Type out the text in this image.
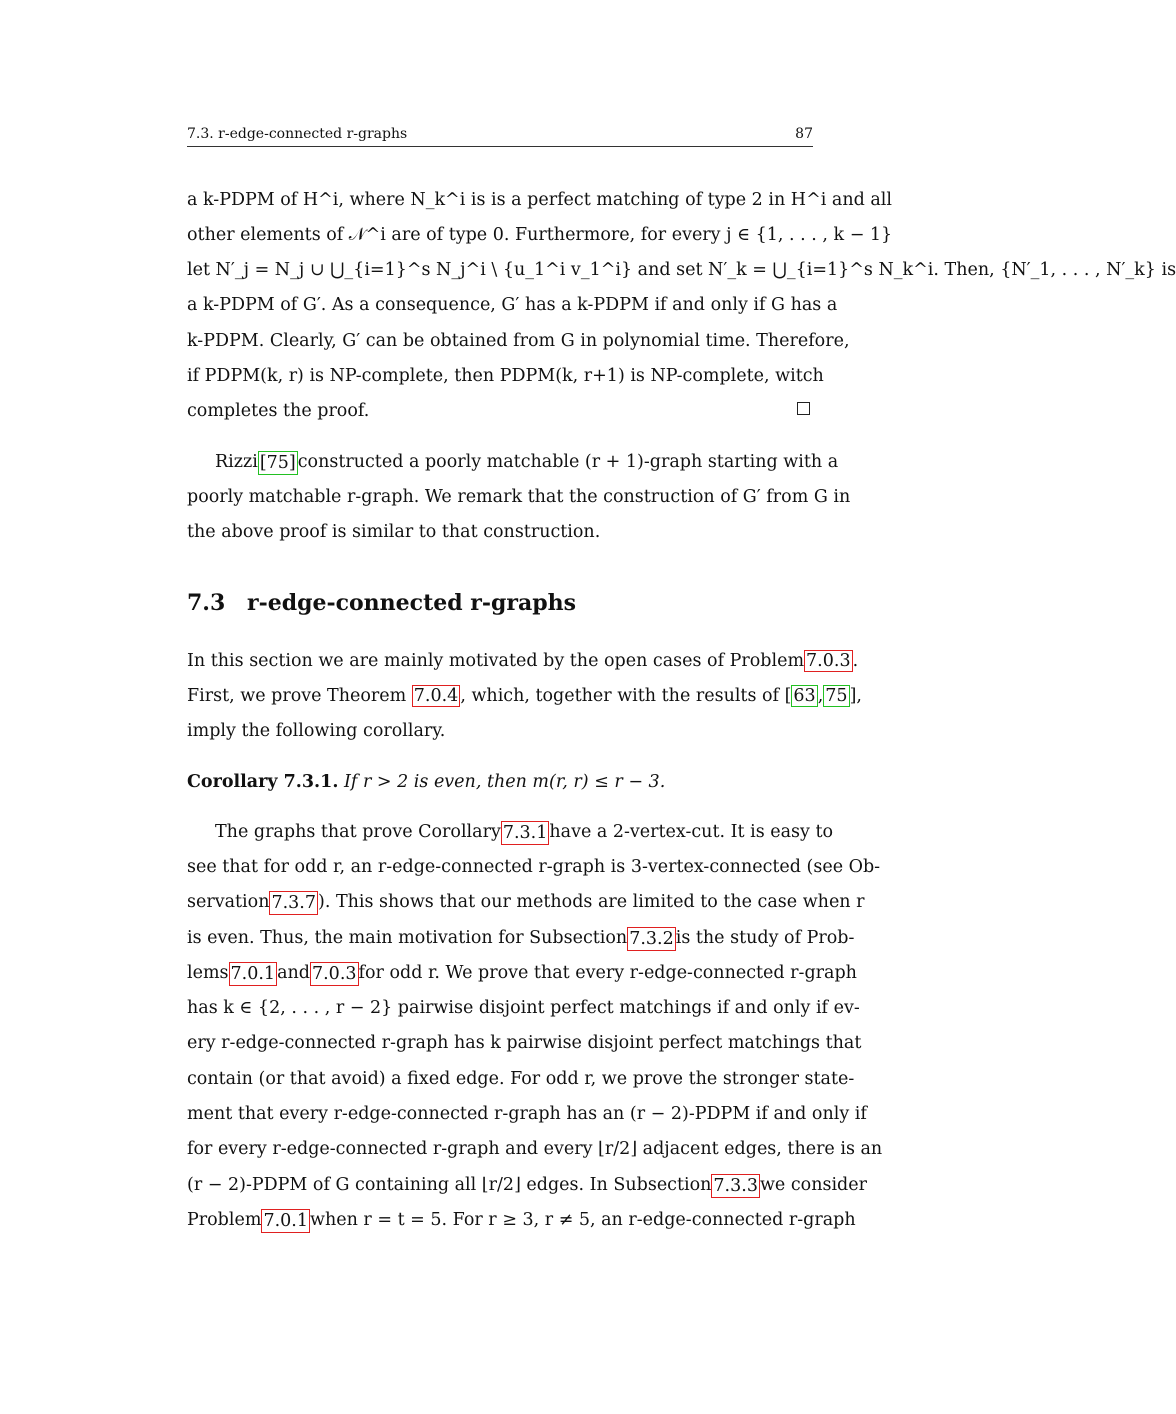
7.3. r-edge-connected r-graphs	87
a k-PDPM of H^i, where N_k^i is is a perfect matching of type 2 in H^i and all
other elements of 𝒩^i are of type 0. Furthermore, for every j ∈ {1, . . . , k − 1}
let N′_j = N_j ∪ ⋃_{i=1}^s N_j^i \ {u_1^i v_1^i} and set N′_k = ⋃_{i=1}^s N_k^i. Then, {N′_1, . . . , N′_k} is
a k-PDPM of G′. As a consequence, G′ has a k-PDPM if and only if G has a
k-PDPM. Clearly, G′ can be obtained from G in polynomial time. Therefore,
if PDPM(k, r) is NP-complete, then PDPM(k, r+1) is NP-complete, witch
completes the proof.
Rizzi [75] constructed a poorly matchable (r + 1)-graph starting with a
poorly matchable r-graph. We remark that the construction of G′ from G in
the above proof is similar to that construction.
7.3 r-edge-connected r-graphs
In this section we are mainly motivated by the open cases of Problem 7.0.3 .
First, we prove Theorem 7.0.4 , which, together with the results of [ 63 , 75 ],
imply the following corollary.
Corollary 7.3.1. If r > 2 is even, then m(r, r) ≤ r − 3.
The graphs that prove Corollary 7.3.1 have a 2-vertex-cut. It is easy to
see that for odd r, an r-edge-connected r-graph is 3-vertex-connected (see Ob-
servation 7.3.7 ). This shows that our methods are limited to the case when r
is even. Thus, the main motivation for Subsection 7.3.2 is the study of Prob-
lems 7.0.1 and 7.0.3 for odd r. We prove that every r-edge-connected r-graph
has k ∈ {2, . . . , r − 2} pairwise disjoint perfect matchings if and only if ev-
ery r-edge-connected r-graph has k pairwise disjoint perfect matchings that
contain (or that avoid) a fixed edge. For odd r, we prove the stronger state-
ment that every r-edge-connected r-graph has an (r − 2)-PDPM if and only if
for every r-edge-connected r-graph and every ⌊r/2⌋ adjacent edges, there is an
(r − 2)-PDPM of G containing all ⌊r/2⌋ edges. In Subsection 7.3.3 we consider
Problem 7.0.1 when r = t = 5. For r ≥ 3, r ≠ 5, an r-edge-connected r-graph
